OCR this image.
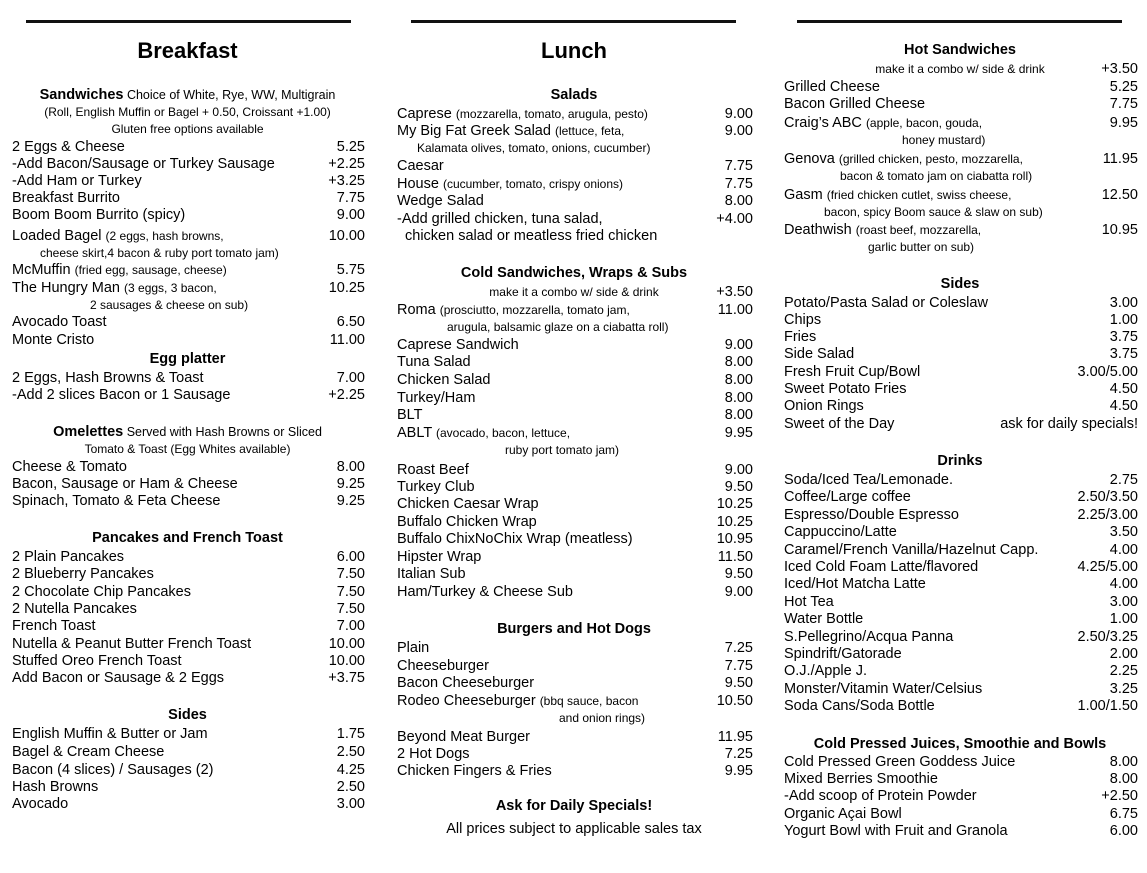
Breakfast
Sandwiches Choice of White, Rye, WW, Multigrain
(Roll, English Muffin or Bagel + 0.50, Croissant +1.00)
Gluten free options available
2 Eggs & Cheese	5.25
-Add Bacon/Sausage or Turkey Sausage	+2.25
-Add Ham or Turkey	+3.25
Breakfast Burrito	7.75
Boom Boom Burrito (spicy)	9.00
Loaded Bagel (2 eggs, hash browns,	10.00
cheese skirt,4 bacon & ruby port tomato jam)
McMuffin (fried egg, sausage, cheese)	5.75
The Hungry Man (3 eggs, 3 bacon,	10.25
2 sausages & cheese on sub)
Avocado Toast	6.50
Monte Cristo	11.00
Egg platter
2 Eggs, Hash Browns & Toast	7.00
-Add 2 slices Bacon or 1 Sausage	+2.25
Omelettes Served with Hash Browns or Sliced
Tomato & Toast (Egg Whites available)
Cheese & Tomato	8.00
Bacon, Sausage or Ham & Cheese	9.25
Spinach, Tomato & Feta Cheese	9.25
Pancakes and French Toast
2 Plain Pancakes	6.00
2 Blueberry Pancakes	7.50
2 Chocolate Chip Pancakes	7.50
2 Nutella Pancakes	7.50
French Toast	7.00
Nutella & Peanut Butter French Toast	10.00
Stuffed Oreo French Toast	10.00
Add Bacon or Sausage & 2 Eggs	+3.75
Sides
English Muffin & Butter or Jam	1.75
Bagel & Cream Cheese	2.50
Bacon (4 slices) / Sausages (2)	4.25
Hash Browns	2.50
Avocado	3.00
Lunch
Salads
Caprese (mozzarella, tomato, arugula, pesto)	9.00
My Big Fat Greek Salad (lettuce, feta,	9.00
Kalamata olives, tomato, onions, cucumber)
Caesar	7.75
House (cucumber, tomato, crispy onions)	7.75
Wedge Salad	8.00
-Add grilled chicken, tuna salad,	+4.00
chicken salad or meatless fried chicken
Cold Sandwiches, Wraps & Subs
make it a combo w/ side & drink	+3.50
Roma (prosciutto, mozzarella, tomato jam,	11.00
arugula, balsamic glaze on a ciabatta roll)
Caprese Sandwich	9.00
Tuna Salad	8.00
Chicken Salad	8.00
Turkey/Ham	8.00
BLT	8.00
ABLT (avocado, bacon, lettuce,	9.95
ruby port tomato jam)
Roast Beef	9.00
Turkey Club	9.50
Chicken Caesar Wrap	10.25
Buffalo Chicken Wrap	10.25
Buffalo ChixNoChix Wrap (meatless)	10.95
Hipster Wrap	11.50
Italian Sub	9.50
Ham/Turkey & Cheese Sub	9.00
Burgers and Hot Dogs
Plain	7.25
Cheeseburger	7.75
Bacon Cheeseburger	9.50
Rodeo Cheeseburger (bbq sauce, bacon	10.50
and onion rings)
Beyond Meat Burger	11.95
2 Hot Dogs	7.25
Chicken Fingers & Fries	9.95
Ask for Daily Specials!
All prices subject to applicable sales tax
Hot Sandwiches
make it a combo w/ side & drink	+3.50
Grilled Cheese	5.25
Bacon Grilled Cheese	7.75
Craig’s ABC (apple, bacon, gouda,	9.95
honey mustard)
Genova (grilled chicken, pesto, mozzarella,	11.95
bacon & tomato jam on ciabatta roll)
Gasm (fried chicken cutlet, swiss cheese,	12.50
bacon, spicy Boom sauce & slaw on sub)
Deathwish (roast beef, mozzarella,	10.95
garlic butter on sub)
Sides
Potato/Pasta Salad or Coleslaw	3.00
Chips	1.00
Fries	3.75
Side Salad	3.75
Fresh Fruit Cup/Bowl	3.00/5.00
Sweet Potato Fries	4.50
Onion Rings	4.50
Sweet of the Day	ask for daily specials!
Drinks
Soda/Iced Tea/Lemonade.	2.75
Coffee/Large coffee	2.50/3.50
Espresso/Double Espresso	2.25/3.00
Cappuccino/Latte	3.50
Caramel/French Vanilla/Hazelnut Capp.	4.00
Iced Cold Foam Latte/flavored	4.25/5.00
Iced/Hot Matcha Latte	4.00
Hot Tea	3.00
Water Bottle	1.00
S.Pellegrino/Acqua Panna	2.50/3.25
Spindrift/Gatorade	2.00
O.J./Apple J.	2.25
Monster/Vitamin Water/Celsius	3.25
Soda Cans/Soda Bottle	1.00/1.50
Cold Pressed Juices, Smoothie and Bowls
Cold Pressed Green Goddess Juice	8.00
Mixed Berries Smoothie	8.00
-Add scoop of Protein Powder	+2.50
Organic Açai Bowl	6.75
Yogurt Bowl with Fruit and Granola	6.00
